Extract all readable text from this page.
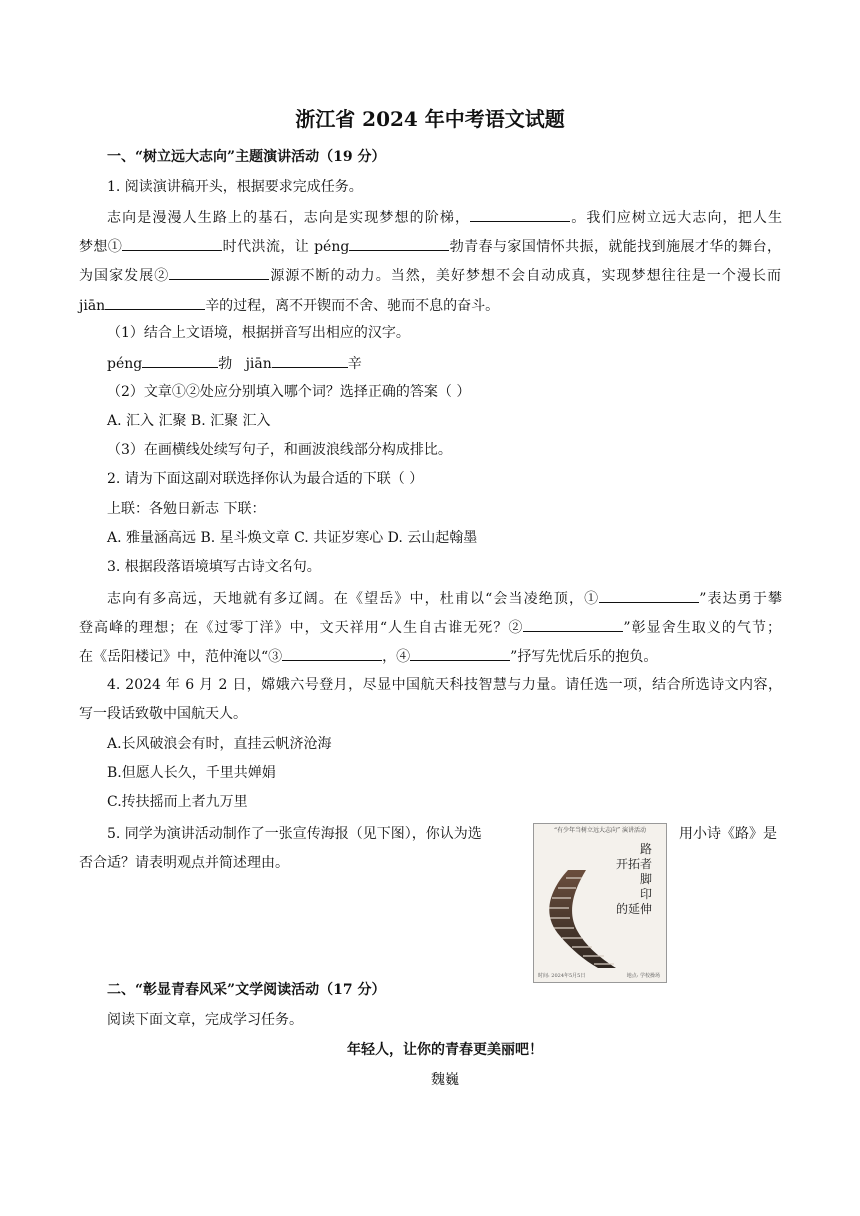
浙江省 2024 年中考语文试题
一、“树立远大志向”主题演讲活动（19 分）
1. 阅读演讲稿开头，根据要求完成任务。
志向是漫漫人生路上的基石，志向是实现梦想的阶梯，	。我们应树立远大志向，把人生
梦想①	时代洪流，让 péng	勃青春与家国情怀共振，就能找到施展才华的舞台，
为国家发展②	源源不断的动力。当然，美好梦想不会自动成真，实现梦想往往是一个漫长而
jiān	辛的过程，离不开锲而不舍、驰而不息的奋斗。
（1）结合上文语境，根据拼音写出相应的汉字。
péng	勃 jiān	辛
（2）文章①②处应分别填入哪个词？选择正确的答案（ ）
A. 汇入 汇聚 B. 汇聚 汇入
（3）在画横线处续写句子，和画波浪线部分构成排比。
2. 请为下面这副对联选择你认为最合适的下联（ ）
上联：各勉日新志 下联：
A. 雅量涵高远 B. 星斗焕文章 C. 共证岁寒心 D. 云山起翰墨
3. 根据段落语境填写古诗文名句。
志向有多高远，天地就有多辽阔。在《望岳》中，杜甫以“会当凌绝顶，①	”表达勇于攀
登高峰的理想；在《过零丁洋》中，文天祥用“人生自古谁无死？②	”彰显舍生取义的气节；
在《岳阳楼记》中，范仲淹以“③	，④	”抒写先忧后乐的抱负。
4. 2024 年 6 月 2 日，嫦娥六号登月，尽显中国航天科技智慧与力量。请任选一项，结合所选诗文内容，
写一段话致敬中国航天人。
A.长风破浪会有时，直挂云帆济沧海
B.但愿人长久，千里共婵娟
C.抟扶摇而上者九万里
5. 同学为演讲活动制作了一张宣传海报（见下图），你认为选	用小诗《路》是
否合适？请表明观点并简述理由。
“有少年当树立远大志向” 演讲活动
路
开拓者
脚
印
的延伸
时间: 2024年5月5日	地点: 学校操场
二、“彰显青春风采”文学阅读活动（17 分）
阅读下面文章，完成学习任务。
年轻人，让你的青春更美丽吧！
魏巍
